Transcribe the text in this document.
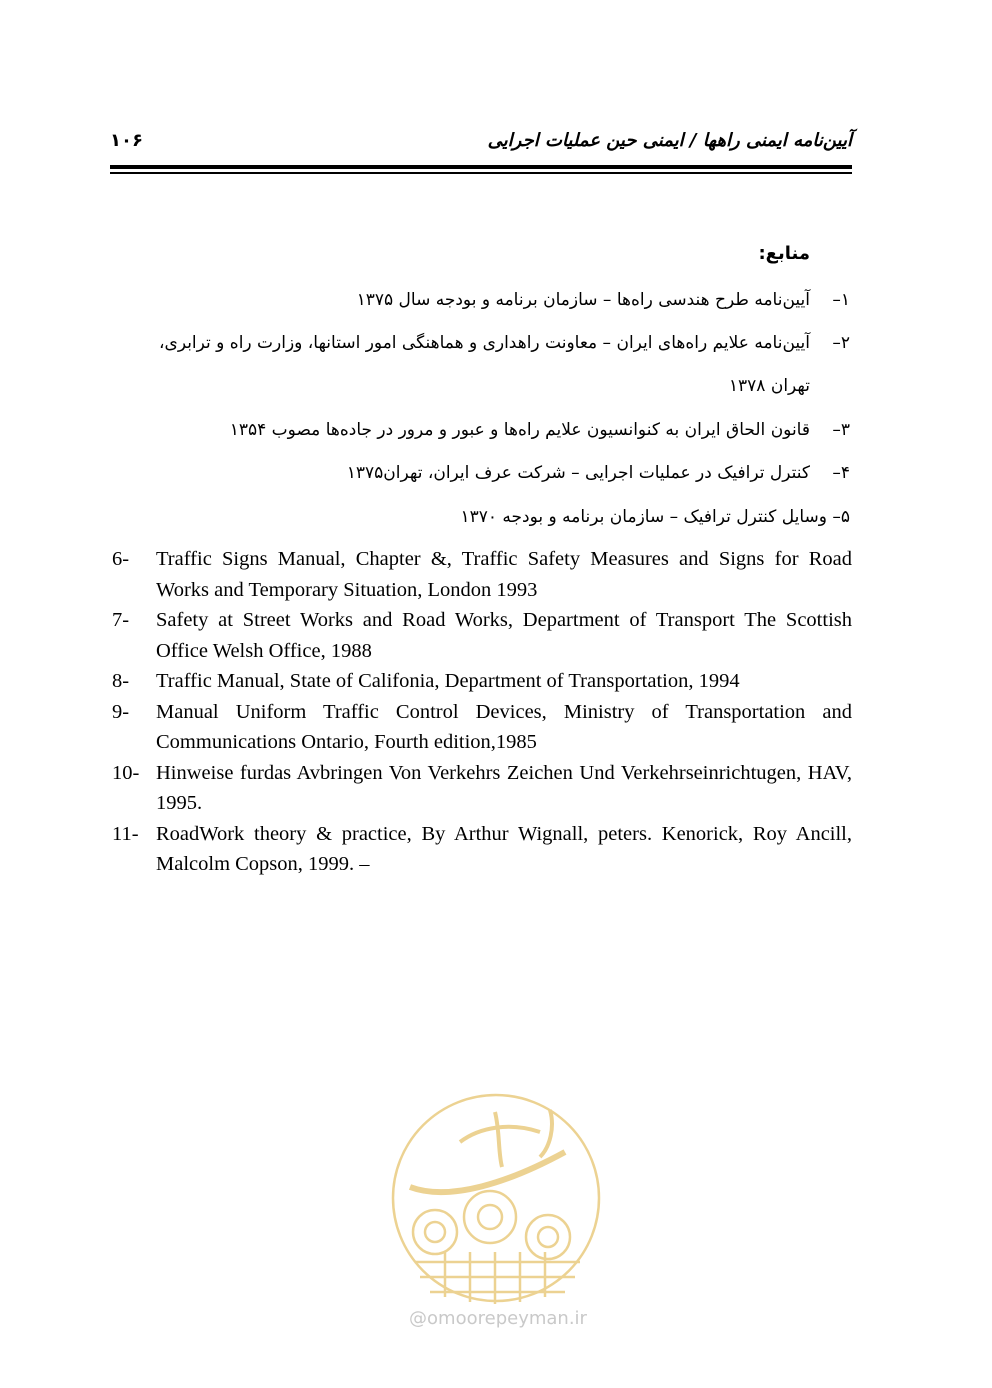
۱۰۶	آیین‌نامه ایمنی راهها / ایمنی حین عملیات اجرایی
منابع:
۱–
آیین‌نامه طرح هندسی راه‌ها – سازمان برنامه و بودجه سال ۱۳۷۵
۲–
آیین‌نامه علایم راه‌های ایران – معاونت راهداری و هماهنگی امور استانها، وزارت راه و ترابری،
تهران ۱۳۷۸
۳–
قانون الحاق ایران به کنوانسیون علایم راه‌ها و عبور و مرور در جاده‌ها مصوب ۱۳۵۴
۴–
کنترل ترافیک در عملیات اجرایی – شرکت عرف ایران، تهران۱۳۷۵
۵– وسایل کنترل ترافیک – سازمان برنامه و بودجه ۱۳۷۰
6-	Traffic Signs Manual, Chapter &, Traffic Safety Measures and Signs for Road Works and Temporary Situation, London 1993
7-	Safety at Street Works and Road Works, Department of Transport The Scottish Office Welsh Office, 1988
8-	Traffic Manual, State of Califonia, Department of Transportation, 1994
9-	Manual Uniform Traffic Control Devices, Ministry of Transportation and Communications Ontario, Fourth edition,1985
10- Hinweise furdas Avbringen Von Verkehrs Zeichen Und Verkehrseinrichtugen, HAV, 1995.
11- RoadWork theory & practice, By Arthur Wignall, peters. Kenorick, Roy Ancill, Malcolm Copson, 1999. –
امور پیمان
@omoorepeyman.ir
